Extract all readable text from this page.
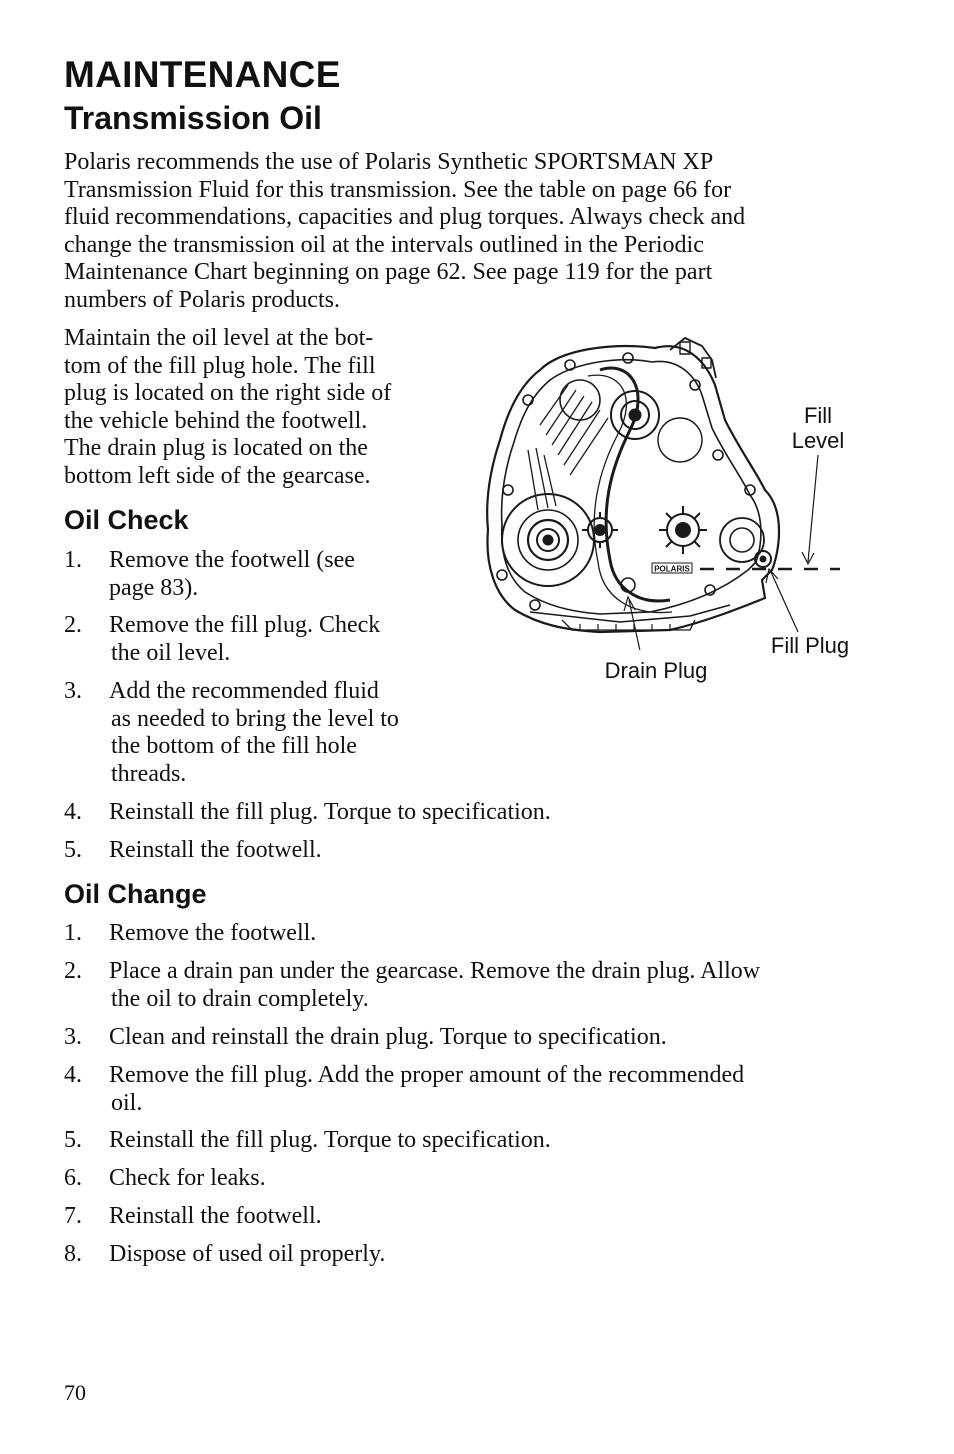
MAINTENANCE
Transmission Oil
Polaris recommends the use of Polaris Synthetic SPORTSMAN XP
Transmission Fluid for this transmission. See the table on page 66 for
fluid recommendations, capacities and plug torques. Always check and
change the transmission oil at the intervals outlined in the Periodic
Maintenance Chart beginning on page 62. See page 119 for the part
numbers of Polaris products.
Maintain the oil level at the bot-
tom of the fill plug hole. The fill
plug is located on the right side of
the vehicle behind the footwell.
The drain plug is located on the
bottom left side of the gearcase.
Oil Check
1. Remove the footwell (see
page 83).
2. Remove the fill plug. Check
the oil level.
3. Add the recommended fluid
as needed to bring the level to
the bottom of the fill hole
threads.
4. Reinstall the fill plug. Torque to specification.
5. Reinstall the footwell.
Oil Change
1. Remove the footwell.
2. Place a drain pan under the gearcase. Remove the drain plug. Allow
the oil to drain completely.
3. Clean and reinstall the drain plug. Torque to specification.
4. Remove the fill plug. Add the proper amount of the recommended
oil.
5. Reinstall the fill plug. Torque to specification.
6. Check for leaks.
7. Reinstall the footwell.
8. Dispose of used oil properly.
POLARIS
Fill
Level
Fill Plug
Drain Plug
70
